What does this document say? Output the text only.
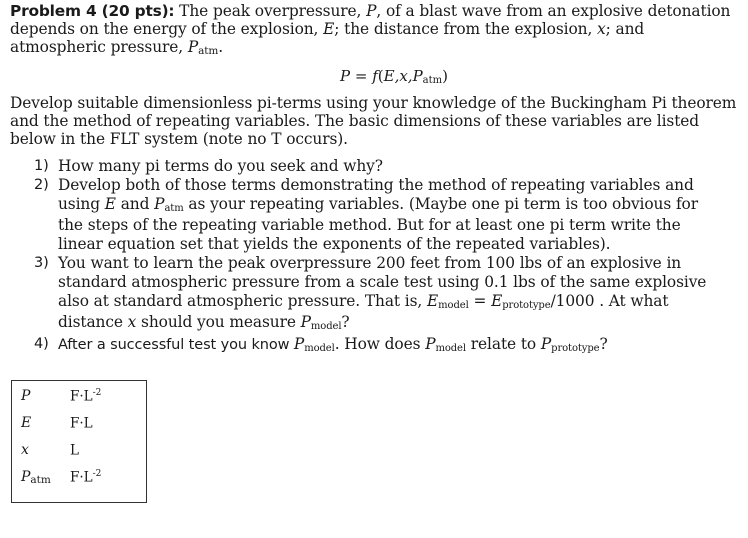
Problem 4 (20 pts): The peak overpressure, P, of a blast wave from an explosive detonation depends on the energy of the explosion, E; the distance from the explosion, x; and atmospheric pressure, Patm.
P = f(E,x,Patm)
Develop suitable dimensionless pi-terms using your knowledge of the Buckingham Pi theorem and the method of repeating variables. The basic dimensions of these variables are listed below in the FLT system (note no T occurs).
1) How many pi terms do you seek and why?
2) Develop both of those terms demonstrating the method of repeating variables and using E and Patm as your repeating variables. (Maybe one pi term is too obvious for the steps of the repeating variable method. But for at least one pi term write the linear equation set that yields the exponents of the repeated variables).
3) You want to learn the peak overpressure 200 feet from 100 lbs of an explosive in standard atmospheric pressure from a scale test using 0.1 lbs of the same explosive also at standard atmospheric pressure. That is, Emodel = Eprototype/1000 . At what distance x should you measure Pmodel?
4) After a successful test you know Pmodel. How does Pmodel relate to Pprototype?
P	$F\cdot L^{-2}$
E	F·L
x	L
Patm $F\cdot L^{-2}$
